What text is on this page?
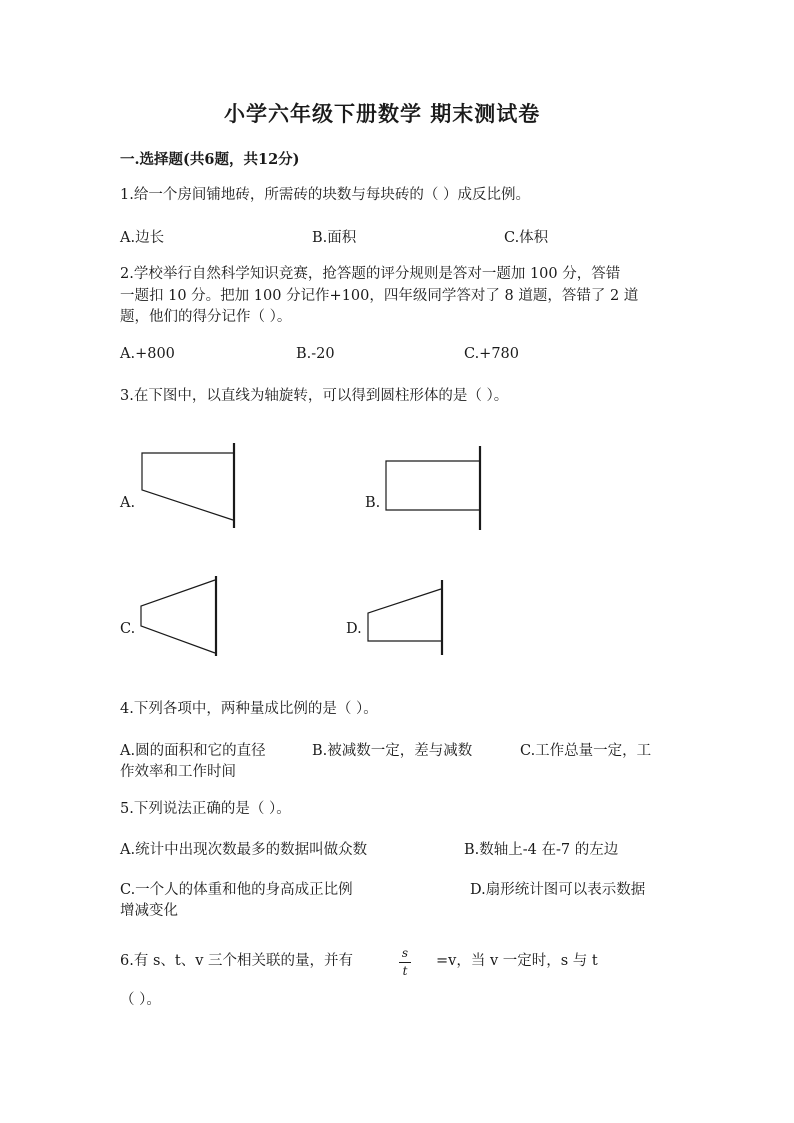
小学六年级下册数学 期末测试卷
一.选择题(共6题，共12分)
1.给一个房间铺地砖，所需砖的块数与每块砖的（ ）成反比例。
A.边长	B.面积	C.体积
2.学校举行自然科学知识竞赛，抢答题的评分规则是答对一题加 100 分，答错
一题扣 10 分。把加 100 分记作+100，四年级同学答对了 8 道题，答错了 2 道
题，他们的得分记作（ ）。
A.+800	B.-20	C.+780
3.在下图中，以直线为轴旋转，可以得到圆柱形体的是（ ）。
A.	B.
C.	D.
4.下列各项中，两种量成比例的是（ ）。
A.圆的面积和它的直径	B.被减数一定，差与减数	C.工作总量一定，工
作效率和工作时间
5.下列说法正确的是（ ）。
A.统计中出现次数最多的数据叫做众数	B.数轴上-4 在-7 的左边
C.一个人的体重和他的身高成正比例	D.扇形统计图可以表示数据
增减变化
6.有 s、t、v 三个相关联的量，并有	s
t
=v，当 v 一定时，s 与 t
（ ）。
